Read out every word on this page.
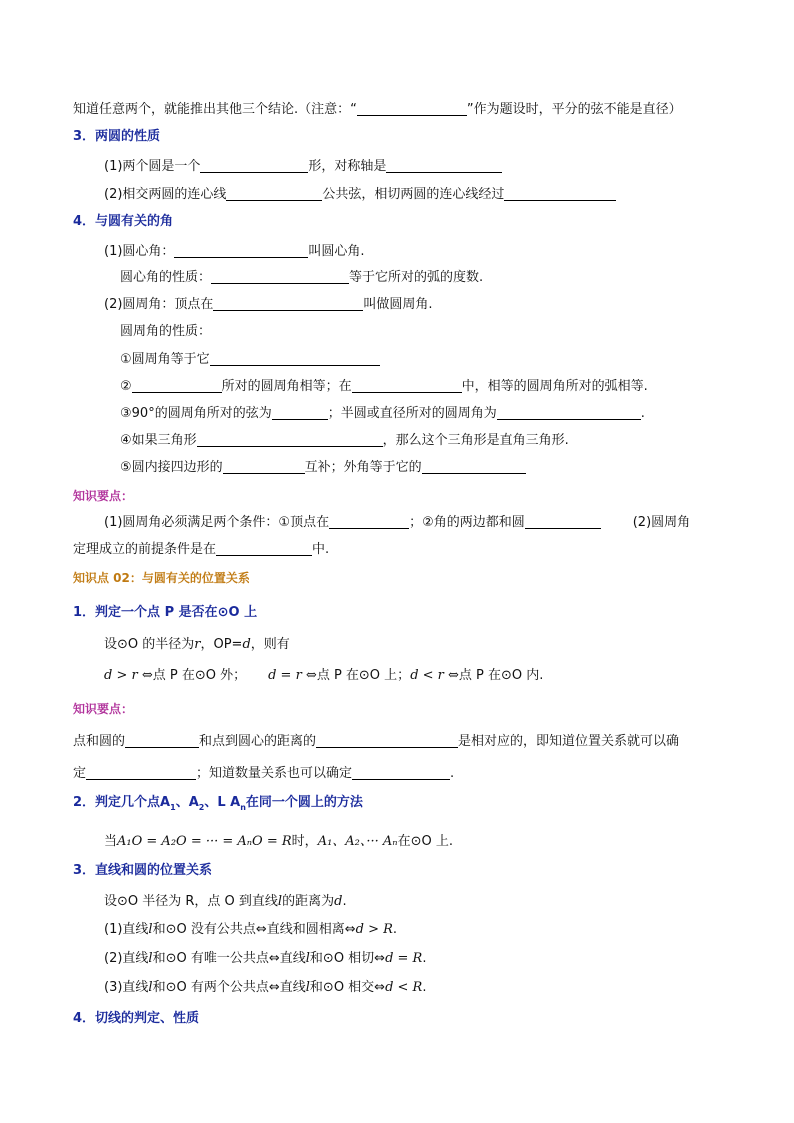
知道任意两个，就能推出其他三个结论.（注意：“	”作为题设时，平分的弦不能是直径）
3．两圆的性质
(1)两个圆是一个	形，对称轴是
(2)相交两圆的连心线	公共弦，相切两圆的连心线经过
4．与圆有关的角
(1)圆心角：	叫圆心角.
圆心角的性质：	等于它所对的弧的度数.
(2)圆周角：顶点在	叫做圆周角.
圆周角的性质：
①圆周角等于它
②	所对的圆周角相等；在	中，相等的圆周角所对的弧相等.
③90°的圆周角所对的弦为	；半圆或直径所对的圆周角为	.
④如果三角形	，那么这个三角形是直角三角形.
⑤圆内接四边形的	互补；外角等于它的
知识要点：
(1)圆周角必须满足两个条件：①顶点在	；②角的两边都和圆	(2)圆周角
定理成立的前提条件是在	中.
知识点 02：与圆有关的位置关系
1．判定一个点 P 是否在⊙O 上
设⊙O 的半径为r，OP=d，则有
d > r ⇔点 P 在⊙O 外； d = r ⇔点 P 在⊙O 上；d < r ⇔点 P 在⊙O 内.
知识要点：
点和圆的	和点到圆心的距离的	是相对应的，即知道位置关系就可以确
定	；知道数量关系也可以确定	.
2．判定几个点$A_1$、$A_2$、L $A_n$在同一个圆上的方法
当A₁O = A₂O = ··· = AₙO = R时，A₁、A₂、··· Aₙ在⊙O 上.
3．直线和圆的位置关系
设⊙O 半径为 R，点 O 到直线l的距离为d.
(1)直线l和⊙O 没有公共点⇔直线和圆相离⇔d > R.
(2)直线l和⊙O 有唯一公共点⇔直线l和⊙O 相切⇔d = R.
(3)直线l和⊙O 有两个公共点⇔直线l和⊙O 相交⇔d < R.
4．切线的判定、性质
